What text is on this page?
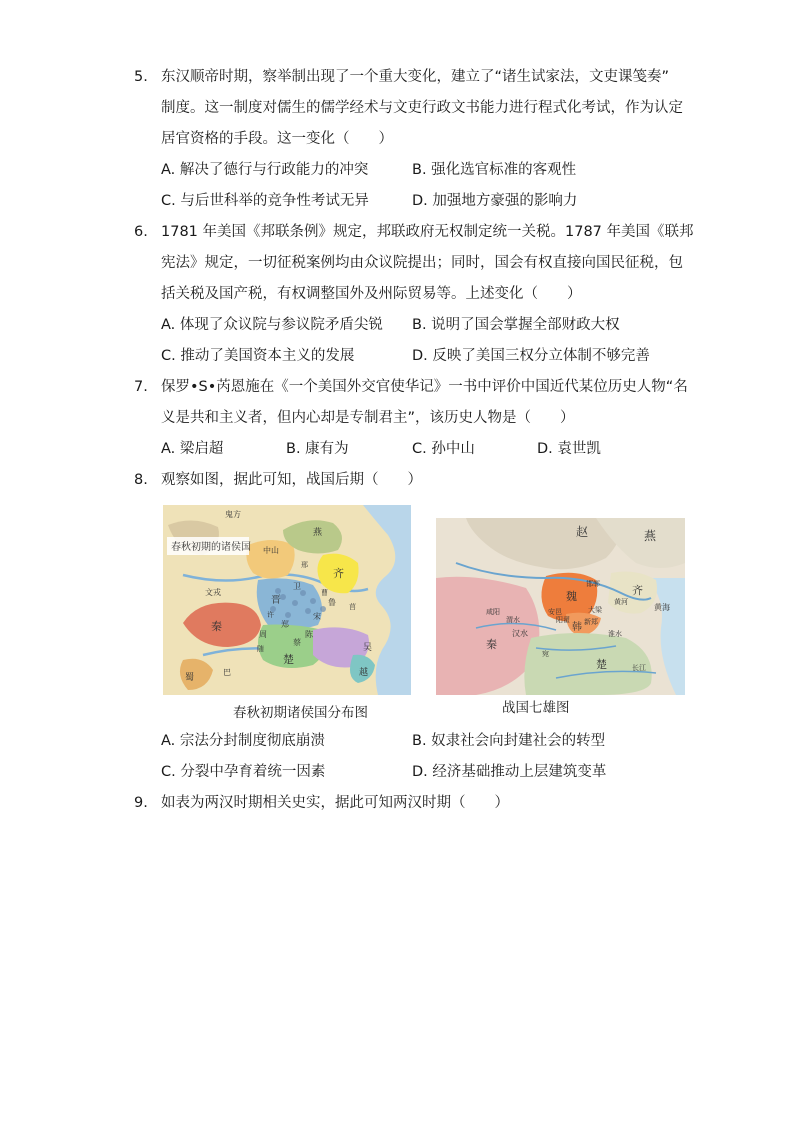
5. 东汉顺帝时期，察举制出现了一个重大变化，建立了“诸生试家法，文吏课笺奏”
制度。这一制度对儒生的儒学经术与文吏行政文书能力进行程式化考试，作为认定
居官资格的手段。这一变化（　　）
A. 解决了德行与行政能力的冲突	B. 强化选官标准的客观性
C. 与后世科举的竞争性考试无异	D. 加强地方豪强的影响力
6. 1781 年美国《邦联条例》规定，邦联政府无权制定统一关税。1787 年美国《联邦
宪法》规定，一切征税案例均由众议院提出；同时，国会有权直接向国民征税，包
括关税及国产税，有权调整国外及州际贸易等。上述变化（　　）
A. 体现了众议院与参议院矛盾尖锐 B. 说明了国会掌握全部财政大权
C. 推动了美国资本主义的发展	D. 反映了美国三权分立体制不够完善
7. 保罗•S•芮恩施在《一个美国外交官使华记》一书中评价中国近代某位历史人物“名
义是共和主义者，但内心却是专制君主”，该历史人物是（　　）
A. 梁启超	B. 康有为	C. 孙中山	D. 袁世凯
8. 观察如图，据此可知，战国后期（　　）
春秋初期的诸侯国
鬼方
燕
中山
晋
齐
鲁
宋
秦	郑
卫
陈
蔡
楚
吴
越
周
文戎
蜀
巴
曹
许
邢
莒
随
赵	燕
齐
魏
韩
秦
楚
邯郸
大梁
安邑
新郑
阳翟
黄河
汉水
渭水
淮水
黄海
长江
咸阳
宛
春秋初期诸侯国分布图	战国七雄图
A. 宗法分封制度彻底崩溃	B. 奴隶社会向封建社会的转型
C. 分裂中孕育着统一因素	D. 经济基础推动上层建筑变革
9. 如表为两汉时期相关史实，据此可知两汉时期（　　）
